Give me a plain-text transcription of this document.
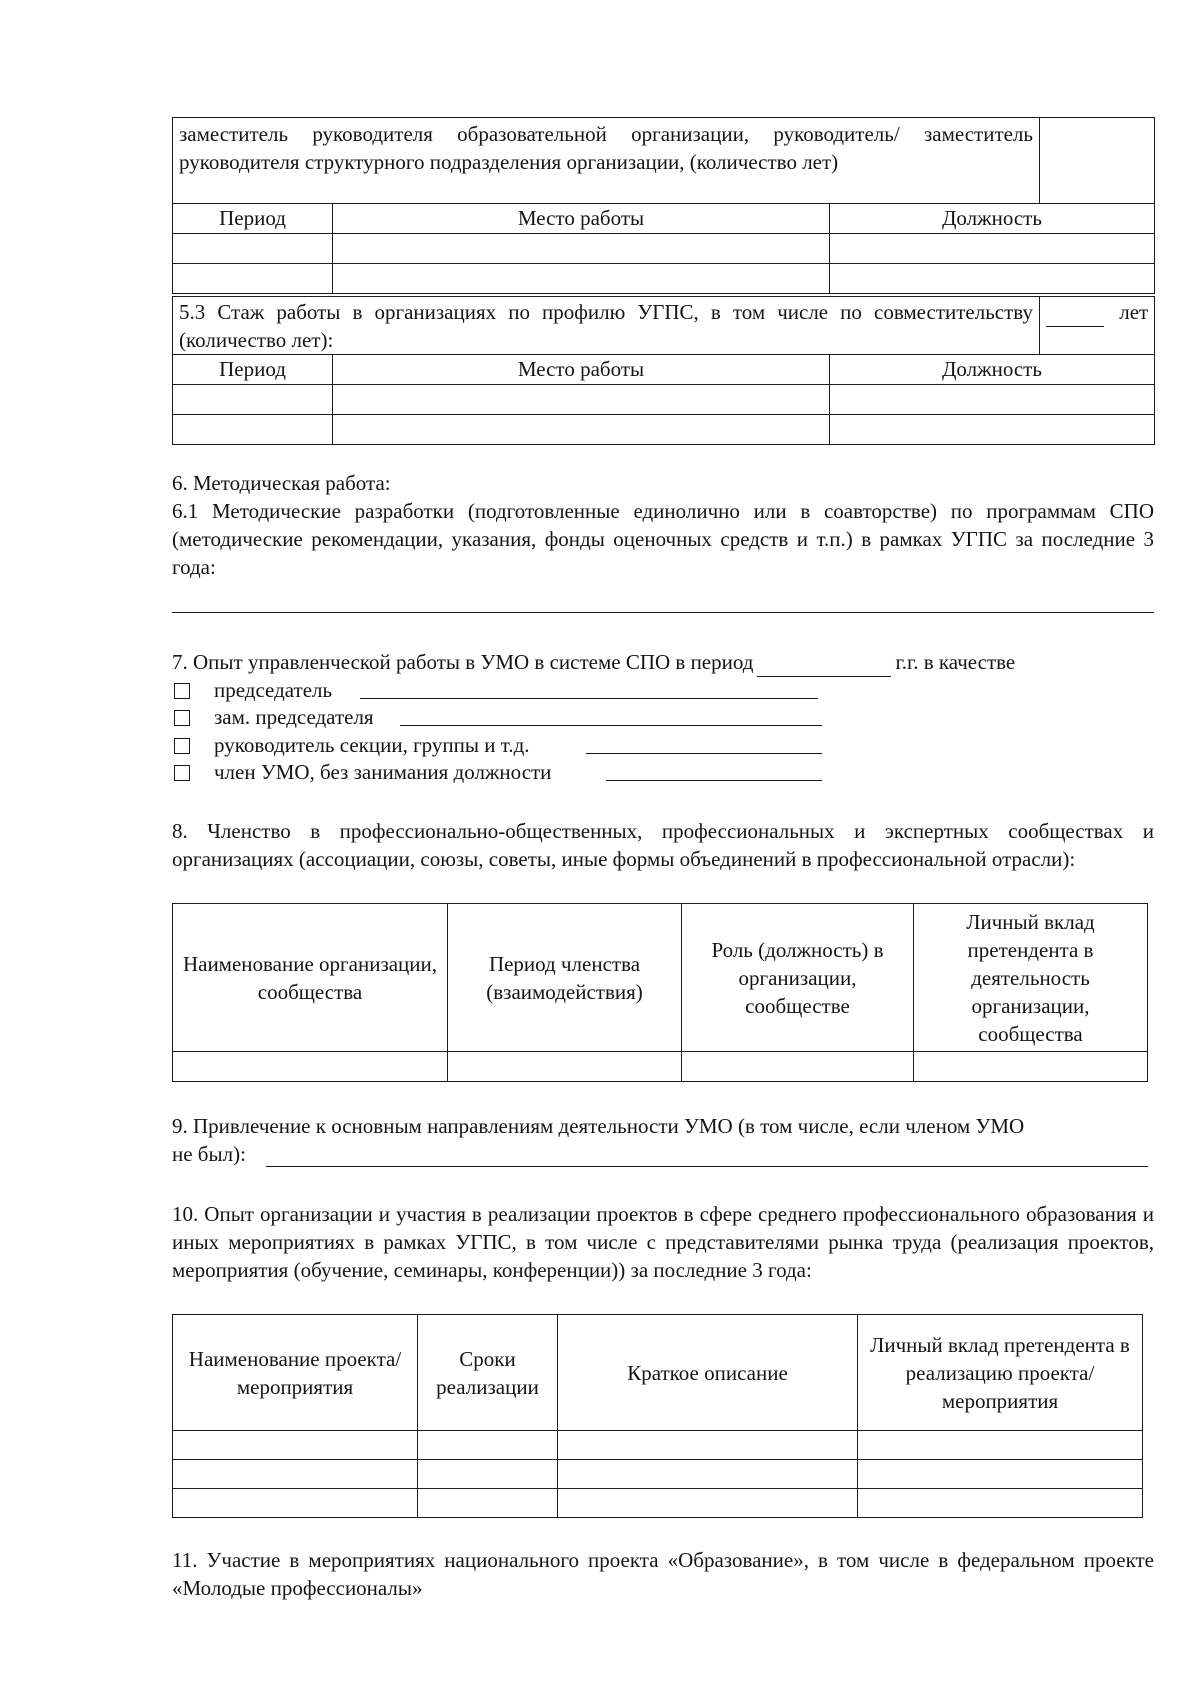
заместитель руководителя образовательной организации, руководитель/ заместитель руководителя структурного подразделения организации, (количество лет)			
Период	Место работы	Должность	

5.3 Стаж работы в организациях по профилю УГПС, в том числе по совместительству (количество лет):			лет
Период	Место работы	Должность	

6. Методическая работа:

6.1 Методические разработки (подготовленные единолично или в соавторстве) по программам СПО (методические рекомендации, указания, фонды оценочных средств и т.п.) в рамках УГПС за последние 3 года:

7. Опыт управленческой работы в УМО в системе СПО в период	г.г. в качестве
председатель
зам. председателя
руководитель секции, группы и т.д.
член УМО, без занимания должности

8. Членство в профессионально-общественных, профессиональных и экспертных сообществах и организациях (ассоциации, союзы, советы, иные формы объединений в профессиональной отрасли):

Наименование организации, сообщества	Период членства (взаимодействия)	Роль (должность) в организации, сообществе	Личный вклад претендента в деятельность организации, сообщества

9. Привлечение к основным направлениям деятельности УМО (в том числе, если членом УМО

не был):

10. Опыт организации и участия в реализации проектов в сфере среднего профессионального образования и иных мероприятиях в рамках УГПС, в том числе с представителями рынка труда (реализация проектов, мероприятия (обучение, семинары, конференции)) за последние 3 года:

Наименование проекта/мероприятия	Сроки реализации	Краткое описание	Личный вклад претендента в реализацию проекта/мероприятия

11. Участие в мероприятиях национального проекта «Образование», в том числе в федеральном проекте «Молодые профессионалы»
